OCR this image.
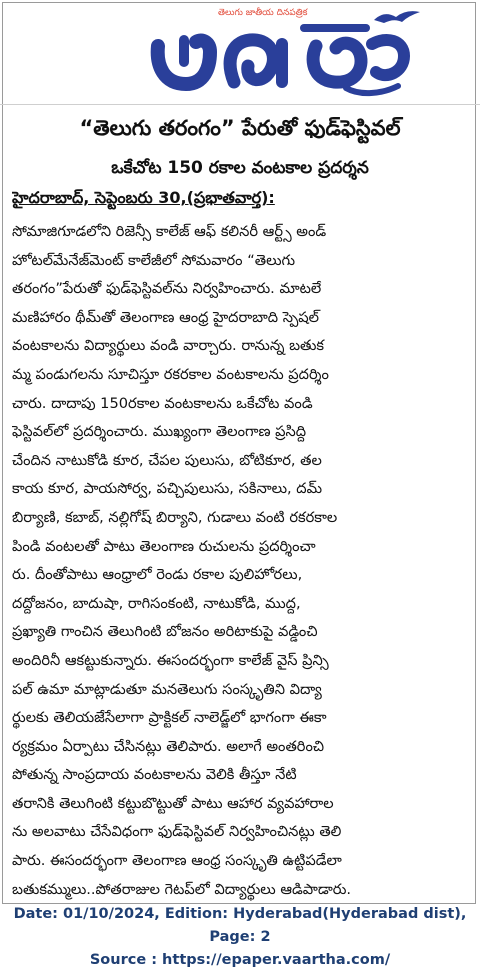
తెలుగు జాతీయ దినపత్రిక
“తెలుగు తరంగం” పేరుతో ఫుడ్‌ఫెస్టివల్
ఒకేచోట 150 రకాల వంటకాల ప్రదర్శన
హైదరాబాద్, సెప్టెంబరు 30,(ప్రభాతవార్త):
సోమాజిగూడలోని రిజెన్సీ కాలేజ్ ఆఫ్ కలినరీ ఆర్ట్స్ అండ్
హోటల్‌మేనేజ్‌మెంట్ కాలేజీలో సోమవారం “తెలుగు
తరంగం”పేరుతో ఫుడ్‌ఫెస్టివల్‌ను నిర్వహించారు. మాటలే
మణిహారం థీమ్‌తో తెలంగాణ ఆంధ్ర హైదరాబాది స్పెషల్
వంటకాలను విద్యార్థులు వండి వార్చారు. రానున్న బతుక
మ్మ పండుగలను సూచిస్తూ రకరకాల వంటకాలను ప్రదర్శిం
చారు. దాదాపు 150రకాల వంటకాలను ఒకేచోట వండి
ఫెస్టివల్‌లో ప్రదర్శించారు. ముఖ్యంగా తెలంగాణ ప్రసిద్ది
చేందిన నాటుకోడి కూర, చేపల పులుసు, బోటికూర, తల
కాయ కూర, పాయసోర్వ, పచ్చిపులుసు, సకినాలు, దమ్
బిర్యాణి, కబాబ్, నల్లిగోష్ బిర్యాని, గుడాలు వంటి రకరకాల
పిండి వంటలతో పాటు తెలంగాణ రుచులను ప్రదర్శించా
రు. దీంతోపాటు ఆంధ్రాలో రెండు రకాల పులిహోరలు,
దద్దోజనం, బాదుషా, రాగిసంకంటి, నాటుకోడి, ముద్ద,
ప్రఖ్యాతి గాంచిన తెలుగింటి బోజనం అరిటాకుపై వడ్డించి
అందిరినీ ఆకట్టుకున్నారు. ఈసందర్భంగా కాలేజ్ వైస్ ప్రిన్సి
పల్ ఉమా మాట్లాడుతూ మనతెలుగు సంస్కృతిని విద్యా
ర్థులకు తెలియజేసేలాగా ప్రాక్టికల్ నాలెడ్జ్‌లో భాగంగా ఈకా
ర్యక్రమం ఏర్పాటు చేసినట్లు తెలిపారు. అలాగే అంతరించి
పోతున్న సాంప్రదాయ వంటకాలను వెలికి తీస్తూ నేటి
తరానికి తెలుగింటి కట్టుబొట్టుతో పాటు ఆహార వ్యవహారాల
ను అలవాటు చేసేవిధంగా ఫుడ్‌ఫెస్టివల్ నిర్వహించినట్లు తెలి
పారు. ఈసందర్భంగా తెలంగాణ ఆంధ్ర సంస్కృతి ఉట్టిపడేలా
బతుకమ్ములు..పోతరాజుల గెటప్‌లో విద్యార్థులు ఆడిపాడారు.
Date: 01/10/2024, Edition: Hyderabad(Hyderabad dist),
Page: 2
Source : https://epaper.vaartha.com/
